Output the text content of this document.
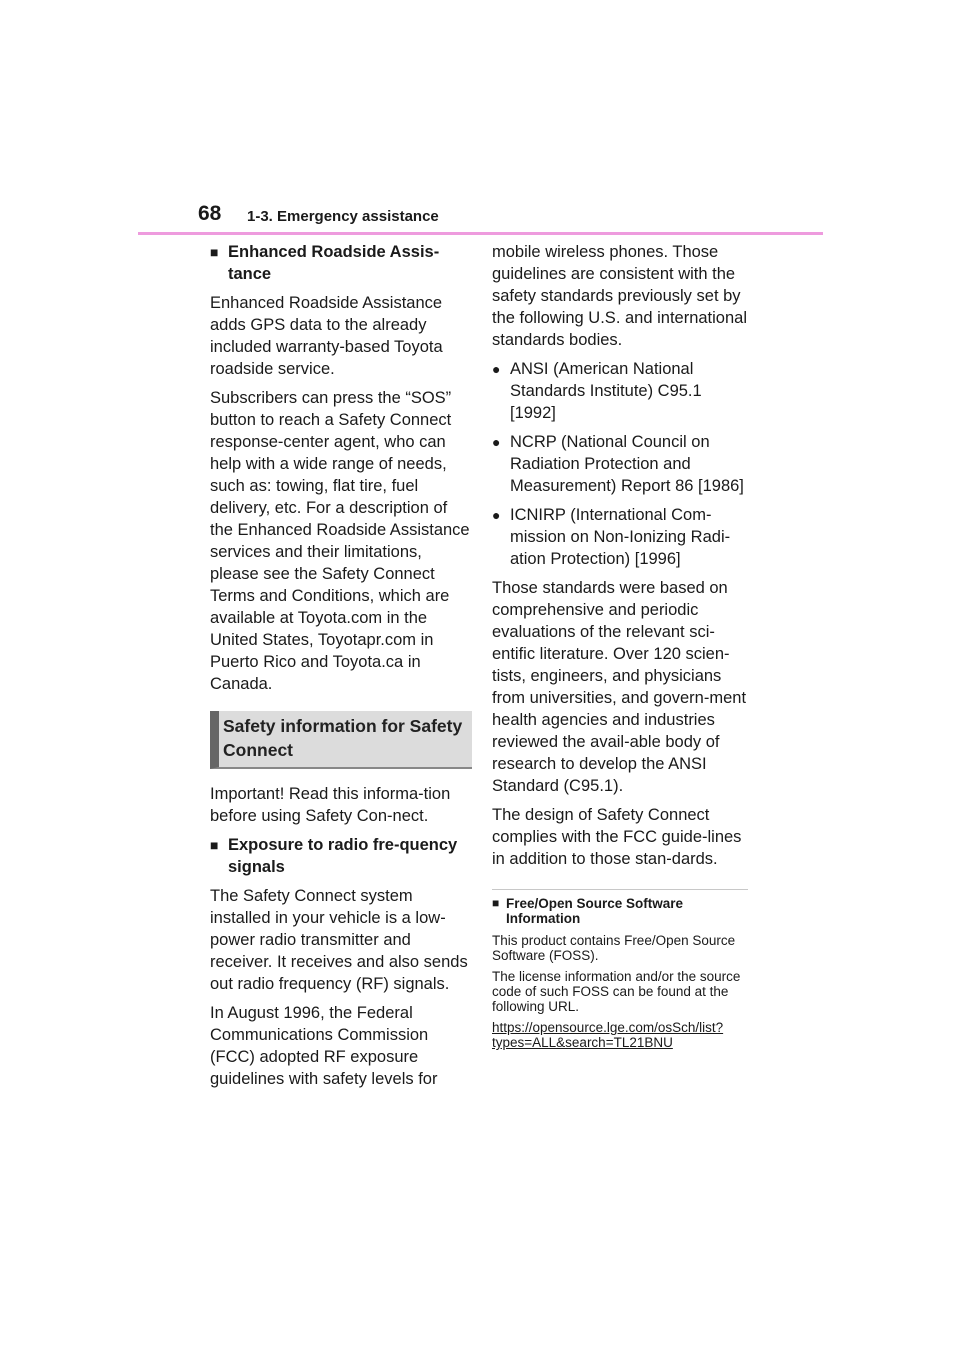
68 1-3. Emergency assistance
■ Enhanced Roadside Assis-tance

Enhanced Roadside Assistance adds GPS data to the already included warranty-based Toyota roadside service.

Subscribers can press the “SOS” button to reach a Safety Connect response-center agent, who can help with a wide range of needs, such as: towing, flat tire, fuel delivery, etc. For a description of the Enhanced Roadside Assistance services and their limitations, please see the Safety Connect Terms and Conditions, which are available at Toyota.com in the United States, Toyotapr.com in Puerto Rico and Toyota.ca in Canada.

Safety information for Safety Connect

Important! Read this informa-tion before using Safety Con-nect.

■ Exposure to radio fre-quency signals

The Safety Connect system installed in your vehicle is a low-power radio transmitter and receiver. It receives and also sends out radio frequency (RF) signals.

In August 1996, the Federal Communications Commission (FCC) adopted RF exposure guidelines with safety levels for

mobile wireless phones. Those guidelines are consistent with the safety standards previously set by the following U.S. and international standards bodies.

● ANSI (American National Standards Institute) C95.1 [1992]
● NCRP (National Council on Radiation Protection and Measurement) Report 86 [1986]
● ICNIRP (International Com-mission on Non-Ionizing Radi-ation Protection) [1996]

Those standards were based on comprehensive and periodic evaluations of the relevant sci-entific literature. Over 120 scien-tists, engineers, and physicians from universities, and govern-ment health agencies and industries reviewed the avail-able body of research to develop the ANSI Standard (C95.1).

The design of Safety Connect complies with the FCC guide-lines in addition to those stan-dards.

■ Free/Open Source Software Information

This product contains Free/Open Source Software (FOSS).

The license information and/or the source code of such FOSS can be found at the following URL.

https://opensource.lge.com/osSch/list?types=ALL&search=TL21BNU
